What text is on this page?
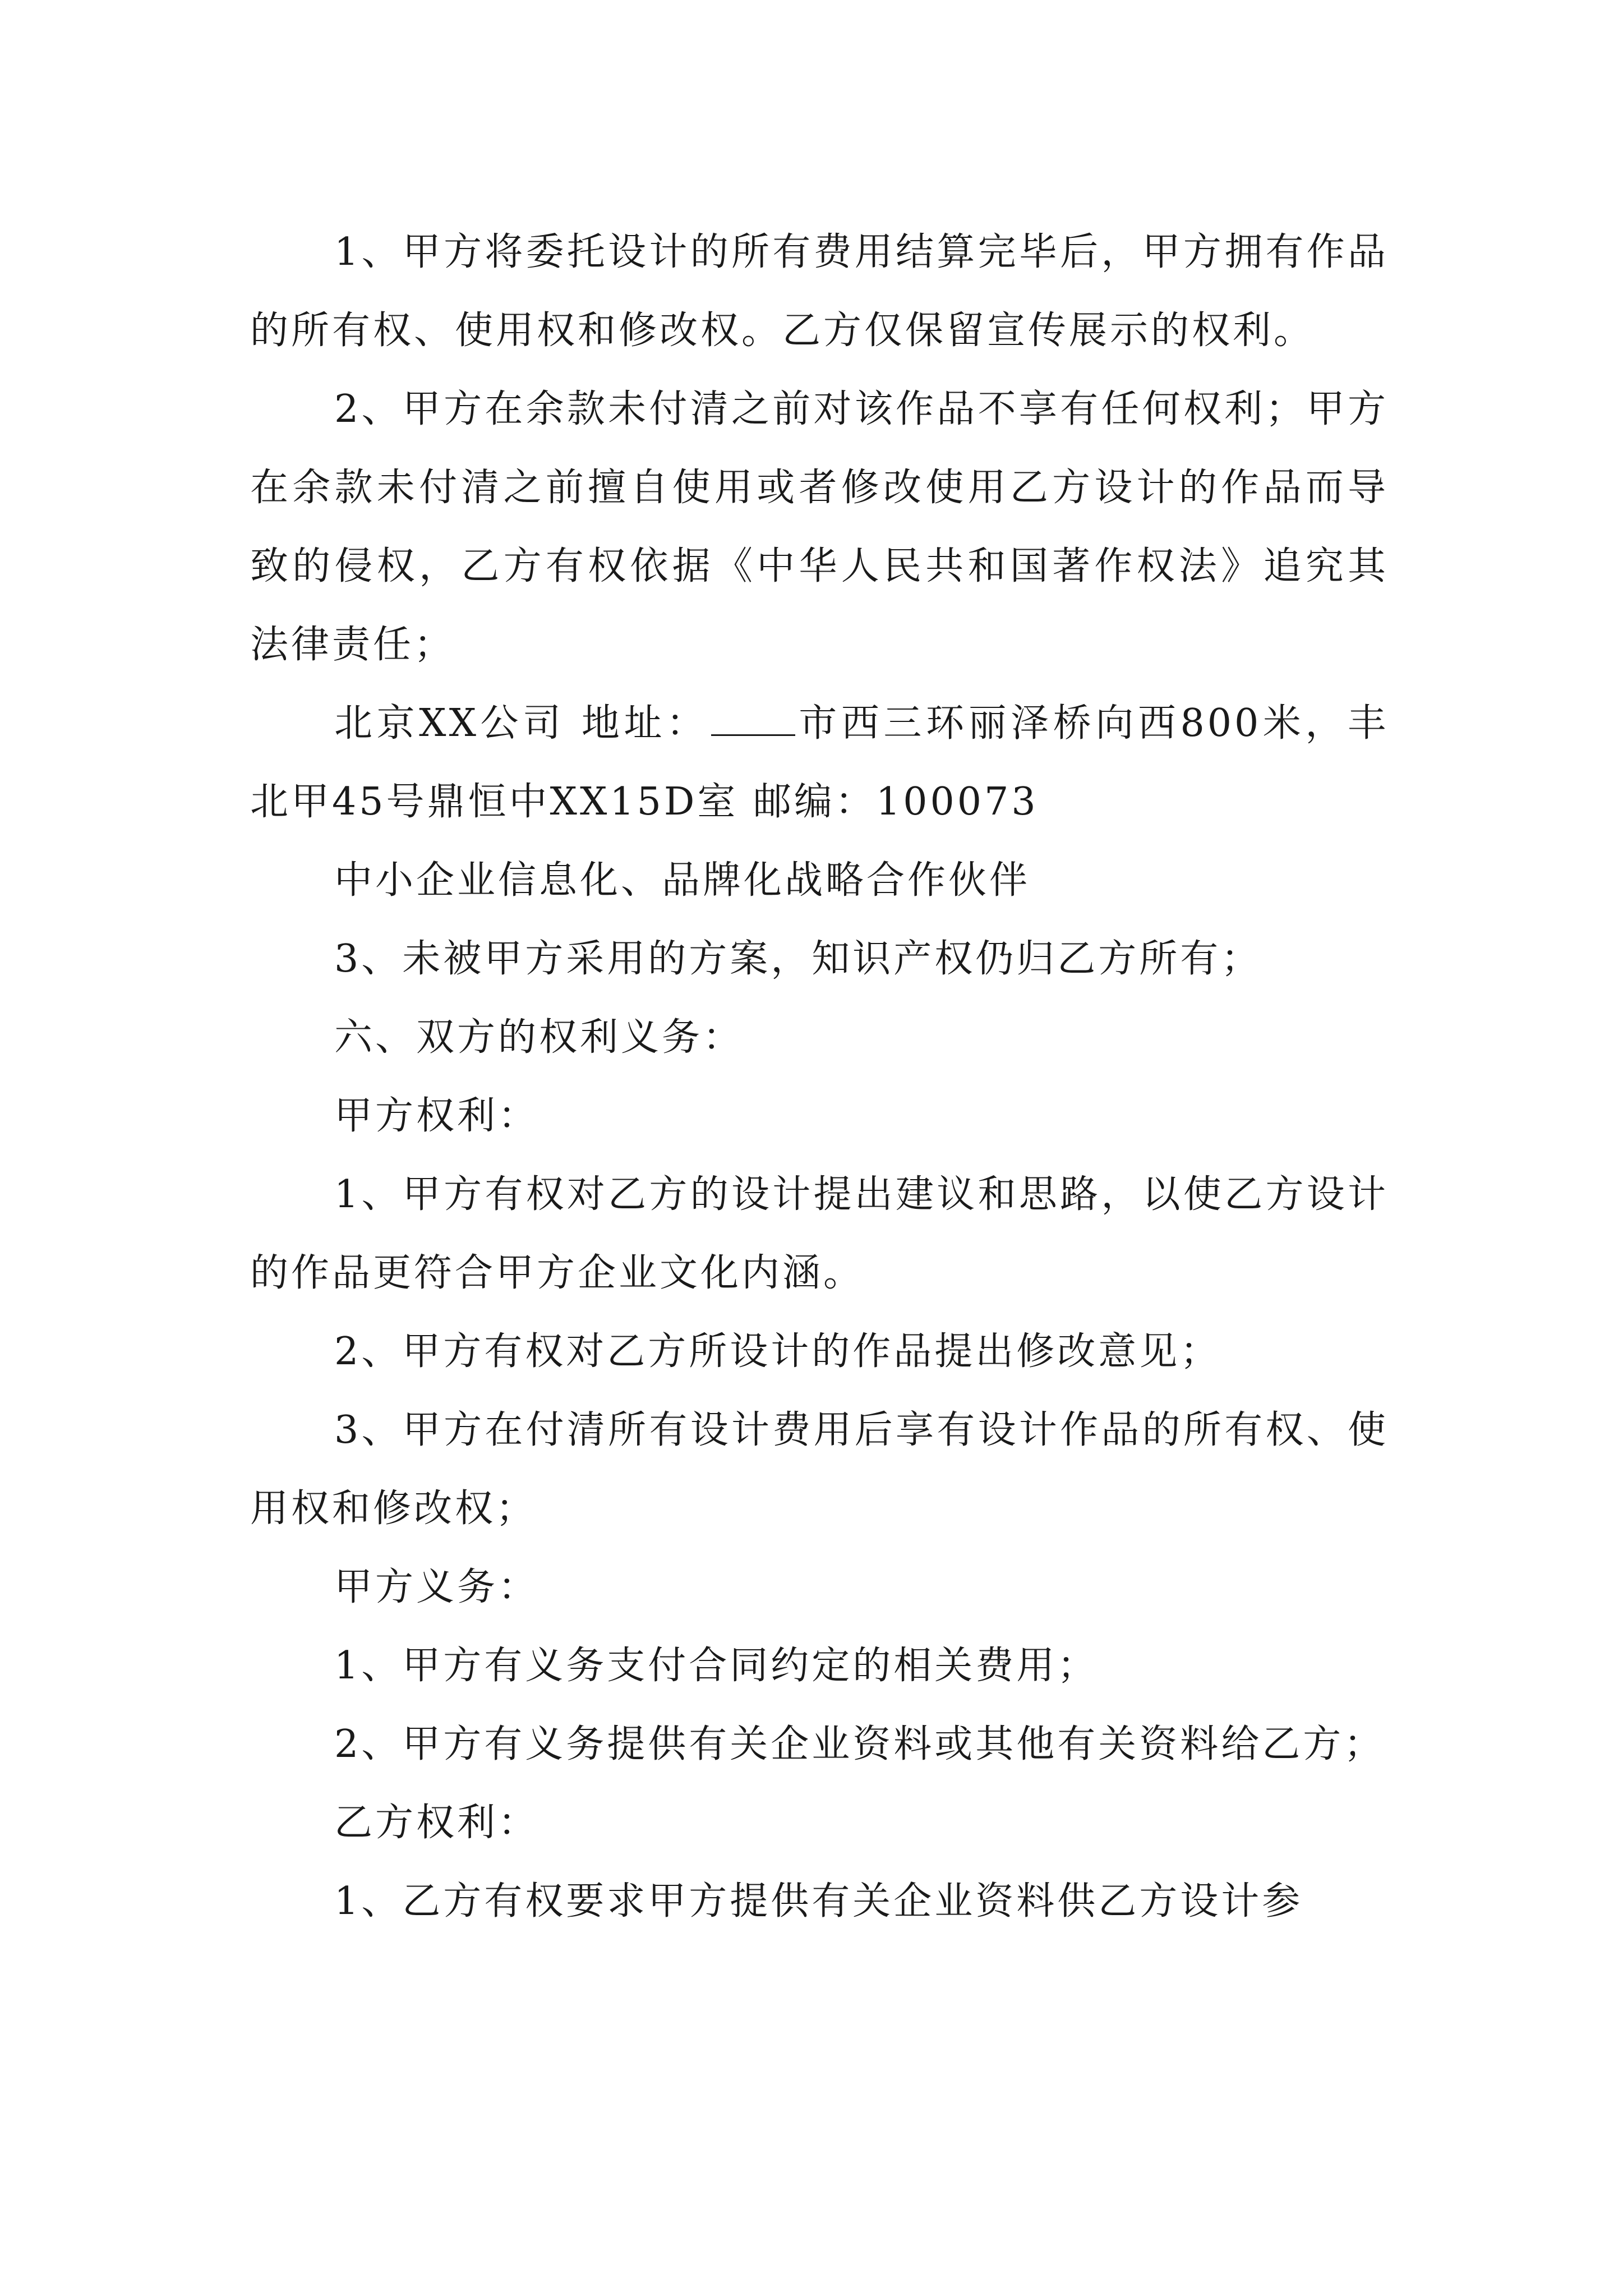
1、甲方将委托设计的所有费用结算完毕后，甲方拥有作品的所有权、使用权和修改权。乙方仅保留宣传展示的权利。

2、甲方在余款未付清之前对该作品不享有任何权利；甲方在余款未付清之前擅自使用或者修改使用乙方设计的作品而导致的侵权，乙方有权依据《中华人民共和国著作权法》追究其法律责任；

北京XX公司 地址： 市西三环丽泽桥向西800米，丰北甲45号鼎恒中XX15D室 邮编：100073

中小企业信息化、品牌化战略合作伙伴

3、未被甲方采用的方案，知识产权仍归乙方所有；

六、双方的权利义务：

甲方权利：

1、甲方有权对乙方的设计提出建议和思路，以使乙方设计的作品更符合甲方企业文化内涵。

2、甲方有权对乙方所设计的作品提出修改意见；

3、甲方在付清所有设计费用后享有设计作品的所有权、使用权和修改权；

甲方义务：

1、甲方有义务支付合同约定的相关费用；

2、甲方有义务提供有关企业资料或其他有关资料给乙方；

乙方权利：

1、乙方有权要求甲方提供有关企业资料供乙方设计参
